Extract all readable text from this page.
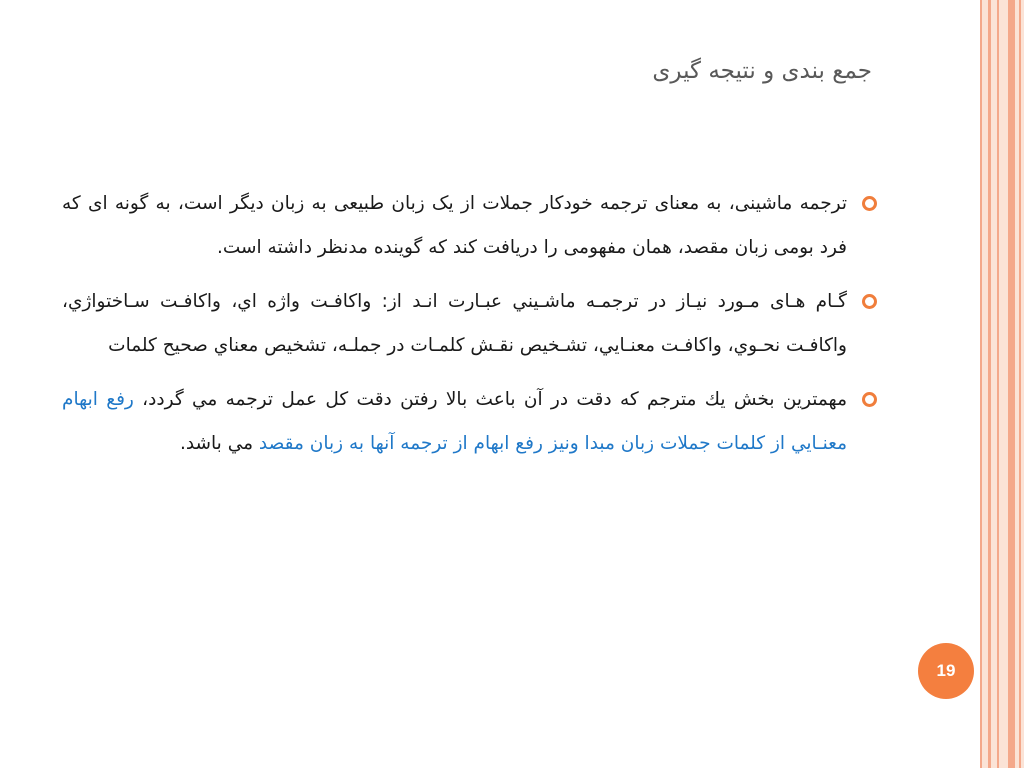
جمع بندی و نتیجه گیری
ترجمه ماشینی، به معنای ترجمه خودکار جملات از یک زبان طبیعی به زبان دیگر است، به گونه ای که فرد بومی زبان مقصد، همان مفهومی را دریافت کند که گوینده مدنظر داشته است.
گـام هـای مـورد نیـاز در ترجمـه ماشـيني عبـارت انـد از: واکافـت واژه اي، واکافـت سـاختواژي، واکافـت نحـوي، واکافـت معنـايي، تشـخيص نقـش کلمـات در جملـه، تشخيص معناي صحيح کلمات
مهمترين بخش يك مترجم كه دقت در آن باعث بالا رفتن دقت كل عمل ترجمه مي گردد، رفع ابهام معنـايي از کلمات جملات زبان مبدا ونيز رفع ابهام از ترجمه آنها به زبان مقصد مي باشد.
19
